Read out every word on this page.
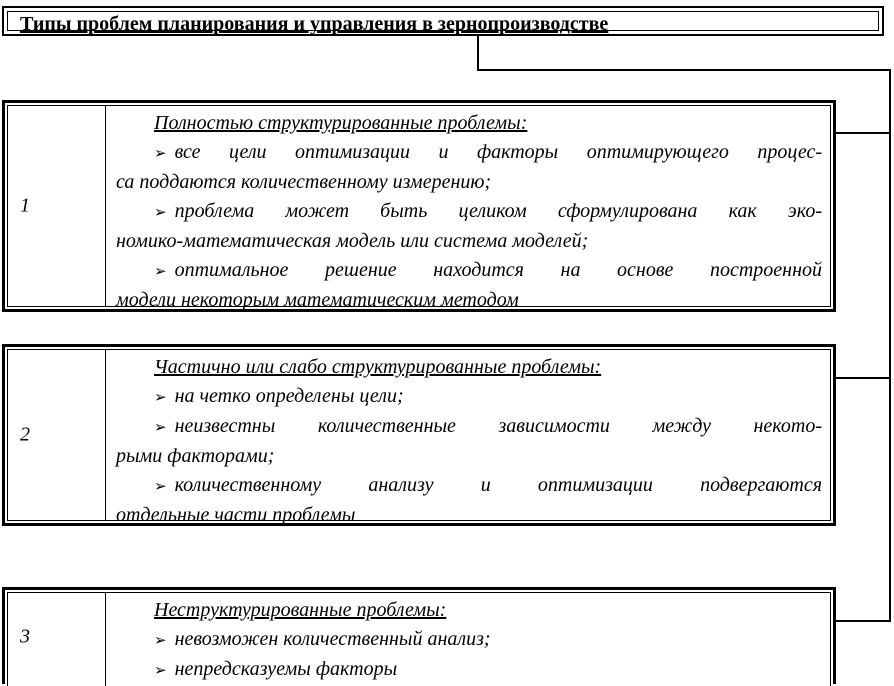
Типы проблем планирования и управления в зернопроизводстве
1
Полностью структурированные проблемы:
➢ все цели оптимизации и факторы оптимирующего процес-
са поддаются количественному измерению;
➢ проблема может быть целиком сформулирована как эко-
номико-математическая модель или система моделей;
➢ оптимальное решение находится на основе построенной
модели некоторым математическим методом
2
Частично или слабо структурированные проблемы:
➢ на четко определены цели;
➢ неизвестны количественные зависимости между некото-
рыми факторами;
➢ количественному анализу и оптимизации подвергаются
отдельные части проблемы
3
Неструктурированные проблемы:
➢ невозможен количественный анализ;
➢ непредсказуемы факторы
